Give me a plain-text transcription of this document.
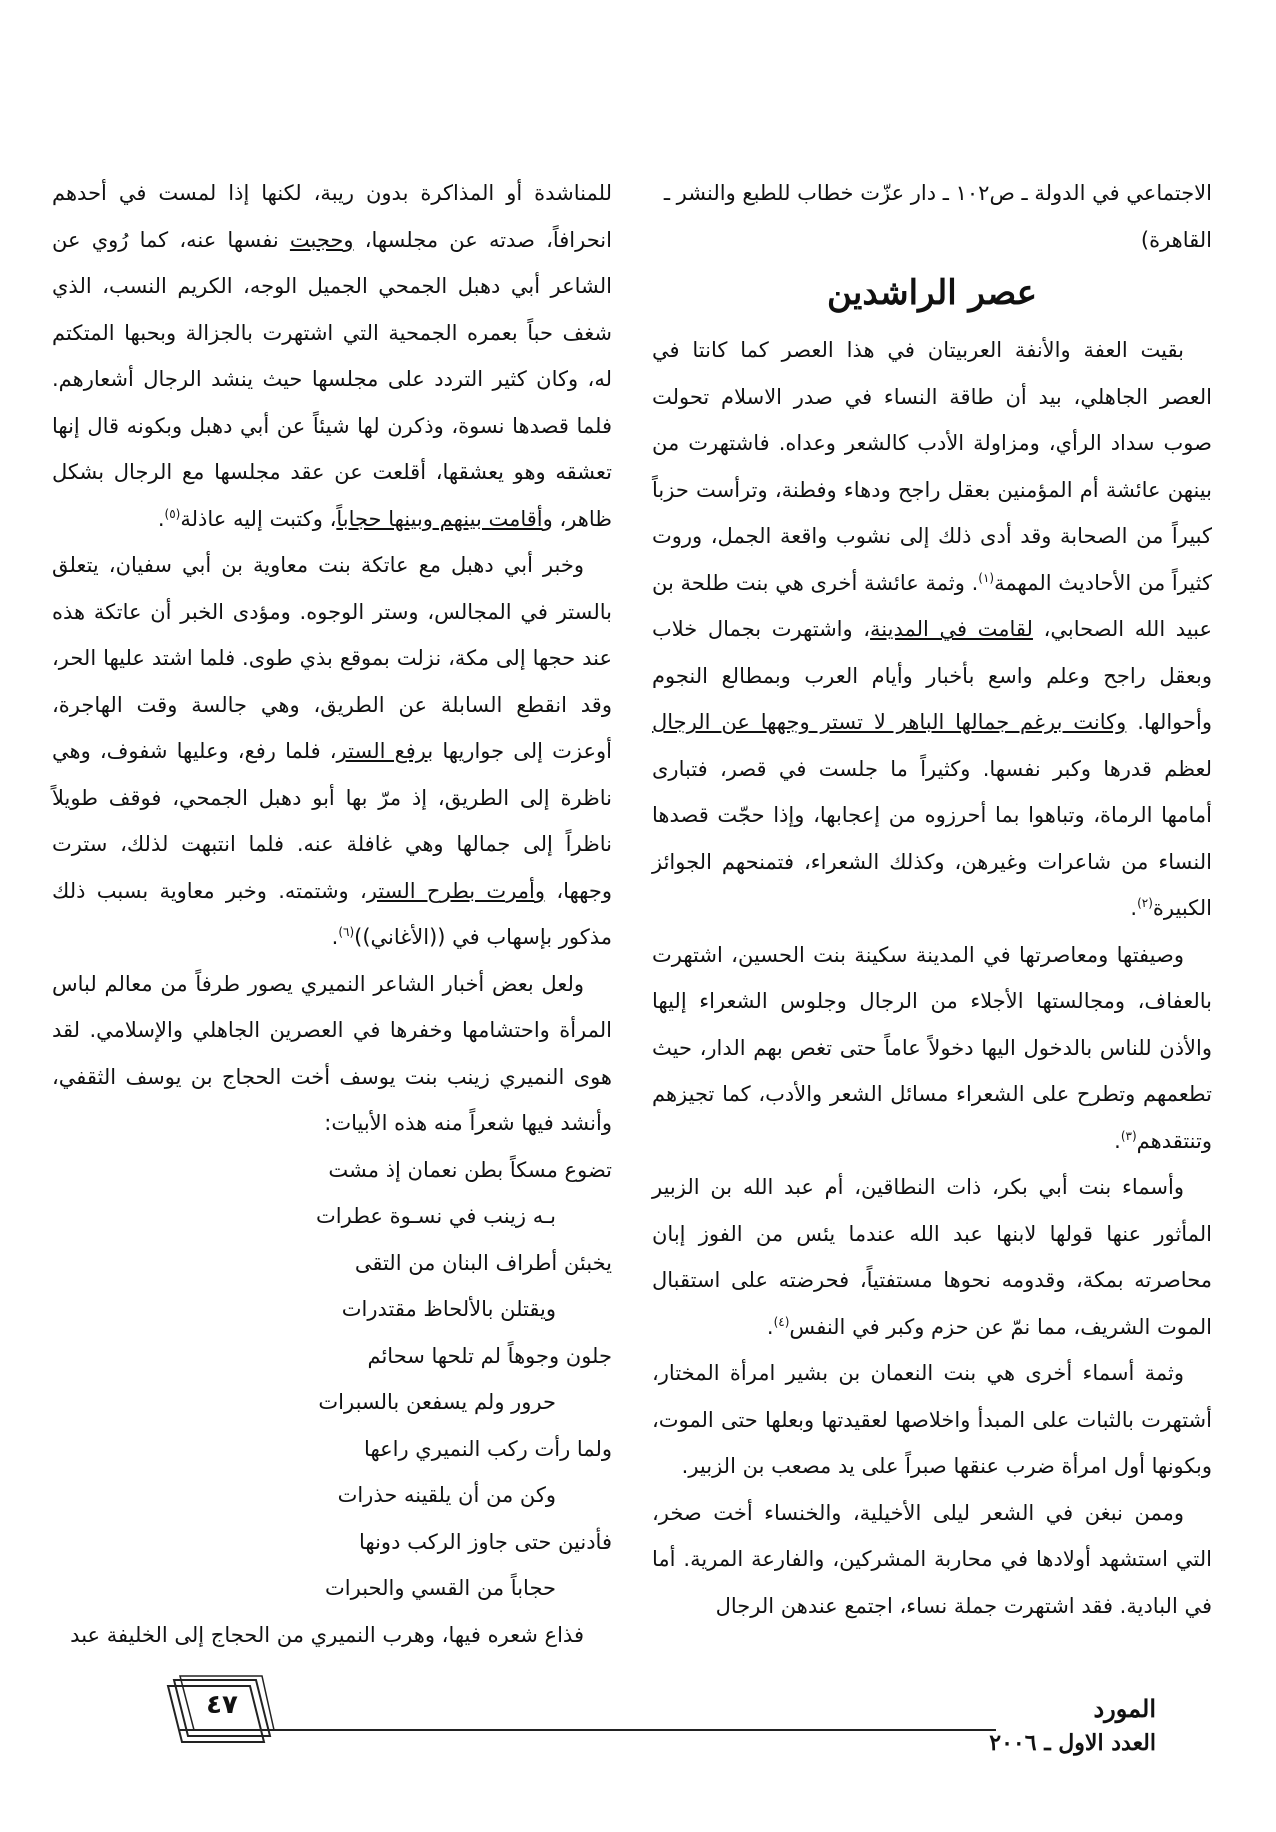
الاجتماعي في الدولة ـ ص١٠٢ ـ دار عزّت خطاب للطبع والنشر ـ

القاهرة)

عصر الراشدين

بقيت العفة والأنفة العربيتان في هذا العصر كما كانتا في العصر الجاهلي، بيد أن طاقة النساء في صدر الاسلام تحولت صوب سداد الرأي، ومزاولة الأدب كالشعر وعداه. فاشتهرت من بينهن عائشة أم المؤمنين بعقل راجح ودهاء وفطنة، وترأست حزباً كبيراً من الصحابة وقد أدى ذلك إلى نشوب واقعة الجمل، وروت كثيراً من الأحاديث المهمة$^{(١)}$. وثمة عائشة أخرى هي بنت طلحة بن عبيد الله الصحابي، لقامت في المدينة، واشتهرت بجمال خلاب وبعقل راجح وعلم واسع بأخبار وأيام العرب وبمطالع النجوم وأحوالها. وكانت برغم جمالها الباهر لا تستر وجهها عن الرجال لعظم قدرها وكبر نفسها. وكثيراً ما جلست في قصر، فتبارى أمامها الرماة، وتباهوا بما أحرزوه من إعجابها، وإذا حجّت قصدها النساء من شاعرات وغيرهن، وكذلك الشعراء، فتمنحهم الجوائز الكبيرة$^{(٢)}$.

وصيفتها ومعاصرتها في المدينة سكينة بنت الحسين، اشتهرت بالعفاف، ومجالستها الأجلاء من الرجال وجلوس الشعراء إليها والأذن للناس بالدخول اليها دخولاً عاماً حتى تغص بهم الدار، حيث تطعمهم وتطرح على الشعراء مسائل الشعر والأدب، كما تجيزهم وتنتقدهم$^{(٣)}$.

وأسماء بنت أبي بكر، ذات النطاقين، أم عبد الله بن الزبير المأثور عنها قولها لابنها عبد الله عندما يئس من الفوز إبان محاصرته بمكة، وقدومه نحوها مستفتياً، فحرضته على استقبال الموت الشريف، مما نمّ عن حزم وكبر في النفس$^{(٤)}$.

وثمة أسماء أخرى هي بنت النعمان بن بشير امرأة المختار، أشتهرت بالثبات على المبدأ واخلاصها لعقيدتها وبعلها حتى الموت، وبكونها أول امرأة ضرب عنقها صبراً على يد مصعب بن الزبير.

وممن نبغن في الشعر ليلى الأخيلية، والخنساء أخت صخر، التي استشهد أولادها في محاربة المشركين، والفارعة المرية. أما في البادية. فقد اشتهرت جملة نساء، اجتمع عندهن الرجال

للمناشدة أو المذاكرة بدون ريبة، لكنها إذا لمست في أحدهم انحرافاً، صدته عن مجلسها، وحجبت نفسها عنه، كما رُوي عن الشاعر أبي دهبل الجمحي الجميل الوجه، الكريم النسب، الذي شغف حباً بعمره الجمحية التي اشتهرت بالجزالة وبحبها المتكتم له، وكان كثير التردد على مجلسها حيث ينشد الرجال أشعارهم. فلما قصدها نسوة، وذكرن لها شيئاً عن أبي دهبل وبكونه قال إنها تعشقه وهو يعشقها، أقلعت عن عقد مجلسها مع الرجال بشكل ظاهر، وأقامت بينهم وبينها حجاباً، وكتبت إليه عاذلة$^{(٥)}$.

وخبر أبي دهبل مع عاتكة بنت معاوية بن أبي سفيان، يتعلق بالستر في المجالس، وستر الوجوه. ومؤدى الخبر أن عاتكة هذه عند حجها إلى مكة، نزلت بموقع بذي طوى. فلما اشتد عليها الحر، وقد انقطع السابلة عن الطريق، وهي جالسة وقت الهاجرة، أوعزت إلى جواريها برفع الستر، فلما رفع، وعليها شفوف، وهي ناظرة إلى الطريق، إذ مرّ بها أبو دهبل الجمحي، فوقف طويلاً ناظراً إلى جمالها وهي غافلة عنه. فلما انتبهت لذلك، سترت وجهها، وأمرت بطرح الستر، وشتمته. وخبر معاوية بسبب ذلك مذكور بإسهاب في ((الأغاني))$^{(٦)}$.

ولعل بعض أخبار الشاعر النميري يصور طرفاً من معالم لباس المرأة واحتشامها وخفرها في العصرين الجاهلي والإسلامي. لقد هوى النميري زينب بنت يوسف أخت الحجاج بن يوسف الثقفي، وأنشد فيها شعراً منه هذه الأبيات:

تضوع مسكاً بطن نعمان إذ مشت

بـه زينب في نسـوة عطرات

يخبئن أطراف البنان من التقى

ويقتلن بالألحاظ مقتدرات

جلون وجوهاً لم تلحها سحائم

حرور ولم يسفعن بالسبرات

ولما رأت ركب النميري راعها

وكن من أن يلقينه حذرات

فأدنين حتى جاوز الركب دونها

حجاباً من القسي والحبرات

فذاع شعره فيها، وهرب النميري من الحجاج إلى الخليفة عبد

٤٧	المورد
العدد الاول ـ ٢٠٠٦
